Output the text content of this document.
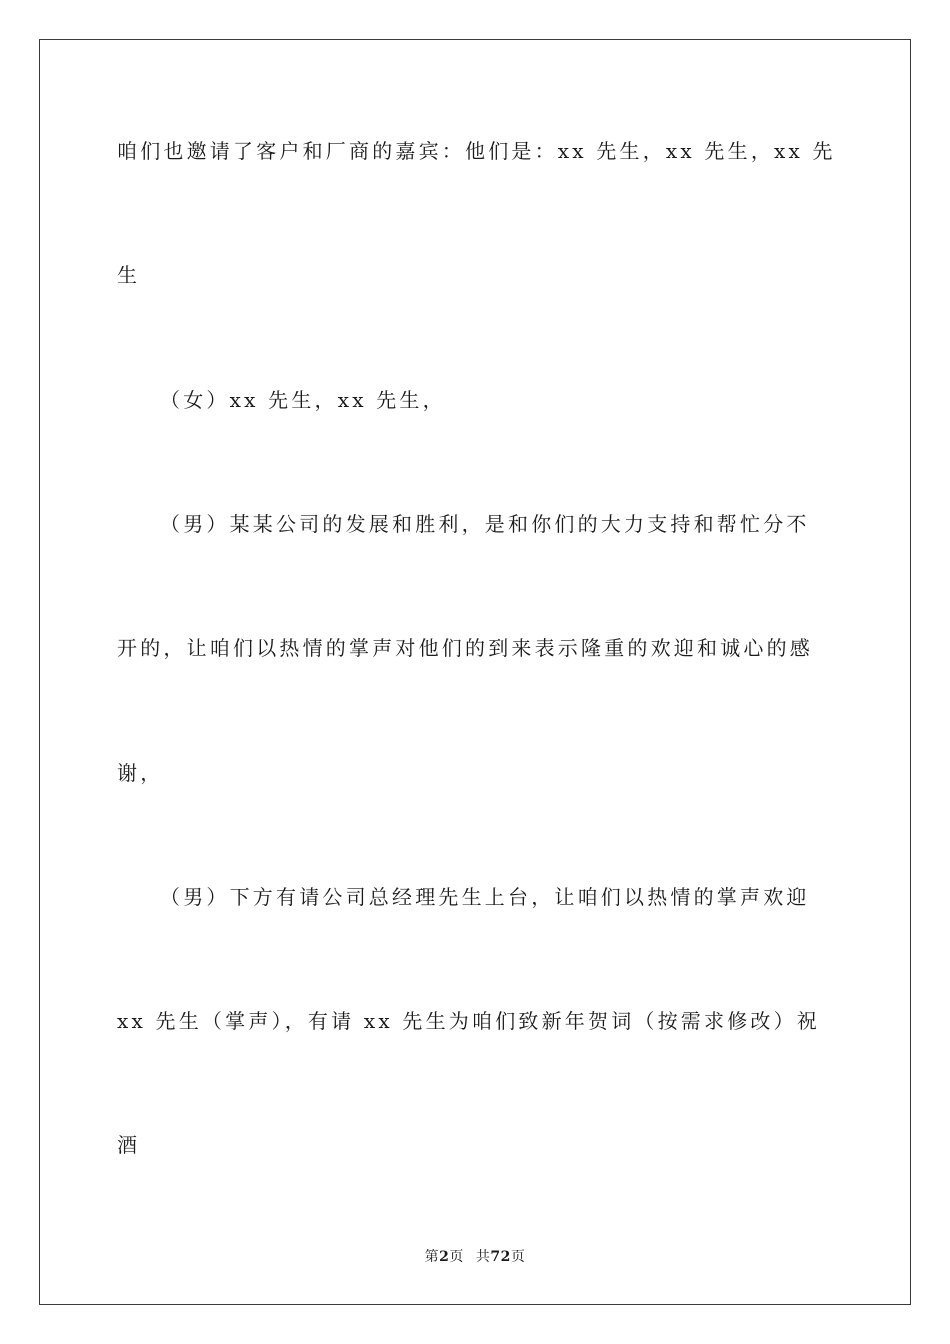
咱们也邀请了客户和厂商的嘉宾：他们是：xx 先生，xx 先生，xx 先
生
（女）xx 先生，xx 先生，
（男）某某公司的发展和胜利，是和你们的大力支持和帮忙分不
开的，让咱们以热情的掌声对他们的到来表示隆重的欢迎和诚心的感
谢，
（男）下方有请公司总经理先生上台，让咱们以热情的掌声欢迎
xx 先生（掌声），有请 xx 先生为咱们致新年贺词（按需求修改）祝
酒
第2页 共72页
